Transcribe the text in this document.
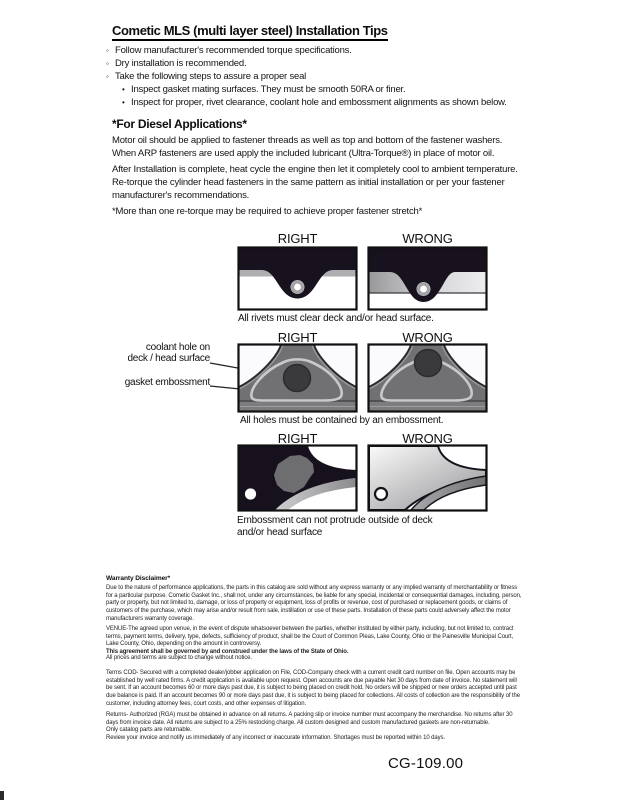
Cometic MLS (multi layer steel) Installation Tips
◦ Follow manufacturer's recommended torque specifications.
◦ Dry installation is recommended.
◦ Take the following steps to assure a proper seal
• Inspect gasket mating surfaces. They must be smooth 50RA or finer.
• Inspect for proper, rivet clearance, coolant hole and embossment alignments as shown below.
*For Diesel Applications*
Motor oil should be applied to fastener threads as well as top and bottom of the fastener washers. When ARP fasteners are used apply the included lubricant (Ultra-Torque®) in place of motor oil.
After Installation is complete, heat cycle the engine then let it completely cool to ambient temperature. Re-torque the cylinder head fasteners in the same pattern as initial installation or per your fastener manufacturer's recommendations.
*More than one re-torque may be required to achieve proper fastener stretch*
RIGHT	WRONG
All rivets must clear deck and/or head surface.
RIGHT	WRONG
coolant hole on
deck / head surface
gasket embossment
All holes must be contained by an embossment.
RIGHT	WRONG
Embossment can not protrude outside of deck and/or head surface
Warranty Disclaimer*
Due to the nature of performance applications, the parts in this catalog are sold without any express warranty or any implied warranty of merchantability or fitness for a particular purpose. Cometic Gasket Inc., shall not, under any circumstances, be liable for any special, incidental or consequential damages, including, person, party or property, but not limited to, damage, or loss of property or equipment, loss of profits or revenue, cost of purchased or replacement goods, or claims of customers of the purchase, which may arise and/or result from sale, instillation or use of these parts. Installation of these parts could adversely affect the motor manufacturers warranty coverage.
VENUE-The agreed upon venue, in the event of dispute whatsoever between the parties, whether instituted by either party, including, but not limited to, contract terms, payment terms, delivery, type, defects, sufficiency of product, shall be the Court of Common Pleas, Lake County, Ohio or the Painesville Municipal Court, Lake County, Ohio, depending on the amount in controversy.
This agreement shall be governed by and construed under the laws of the State of Ohio.
All prices and terms are subject to change without notice.
Terms COD- Secured with a completed dealer/jobber application on File, COD-Company check with a current credit card number on file. Open accounts may be established by well rated firms. A credit application is available upon request. Open accounts are due payable Net 30 days from date of invoice. No statement will be sent. If an account becomes 60 or more days past due, it is subject to being placed on credit hold. No orders will be shipped or new orders accepted until past due balance is paid. If an account becomes 90 or more days past due, it is subject to being placed for collections. All costs of collection are the responsibility of the customer, including attorney fees, court costs, and other expenses of litigation.
Returns- Authorized (RGA) must be obtained in advance on all returns. A packing slip or invoice number must accompany the merchandise. No returns after 30 days from invoice date. All returns are subject to a 25% restocking charge. All custom designed and custom manufactured gaskets are non-returnable.
Only catalog parts are returnable.
Review your invoice and notify us immediately of any incorrect or inaccurate information. Shortages must be reported within 10 days.
CG-109.00
